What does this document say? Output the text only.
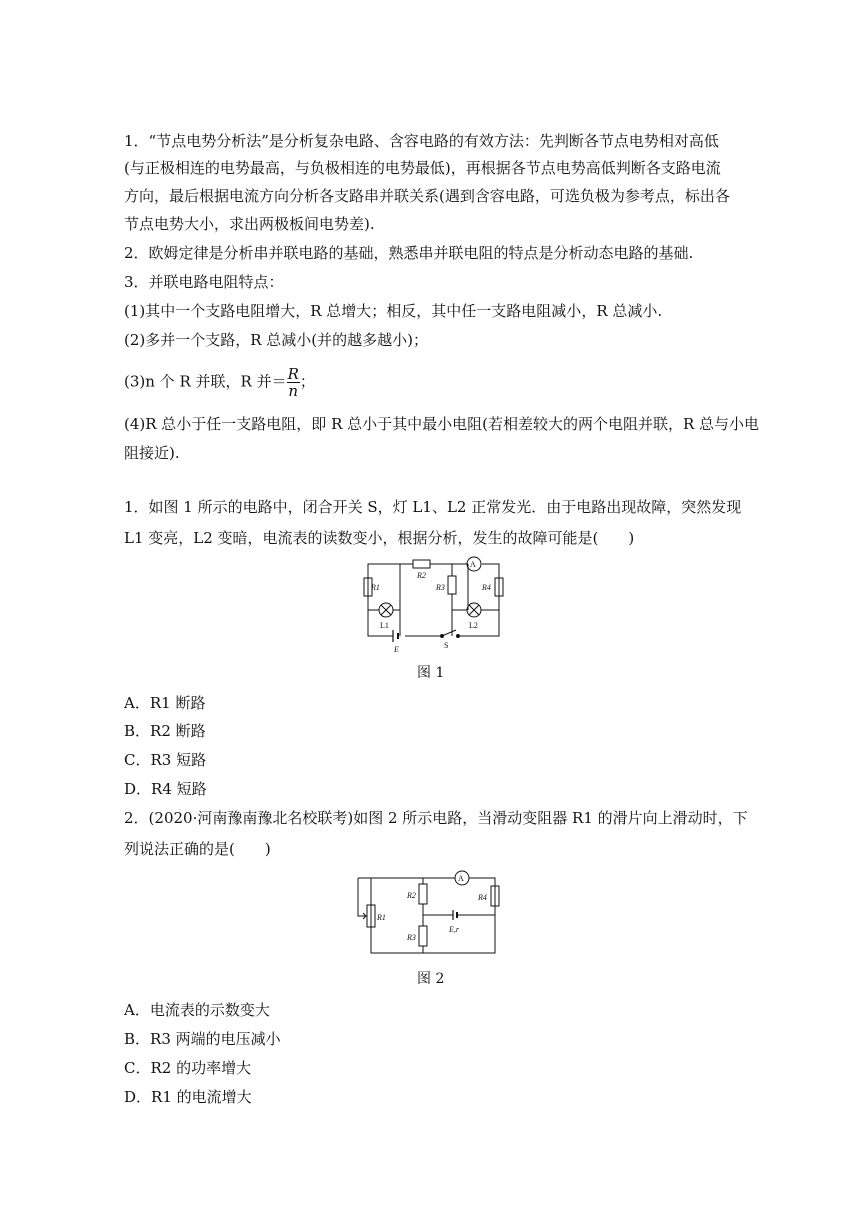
1．“节点电势分析法”是分析复杂电路、含容电路的有效方法：先判断各节点电势相对高低
(与正极相连的电势最高，与负极相连的电势最低)，再根据各节点电势高低判断各支路电流
方向，最后根据电流方向分析各支路串并联关系(遇到含容电路，可选负极为参考点，标出各
节点电势大小，求出两极板间电势差).
2．欧姆定律是分析串并联电路的基础，熟悉串并联电阻的特点是分析动态电路的基础.
3．并联电路电阻特点：
(1)其中一个支路电阻增大，R 总增大；相反，其中任一支路电阻减小，R 总减小.
(2)多并一个支路，R 总减小(并的越多越小)；
(3)n 个 R 并联，R 并＝ $\frac{R}{n}$ ；
(4)R 总小于任一支路电阻，即 R 总小于其中最小电阻(若相差较大的两个电阻并联，R 总与小电
阻接近).
1．如图 1 所示的电路中，闭合开关 S，灯 L1、L2 正常发光．由于电路出现故障，突然发现
L1 变亮，L2 变暗，电流表的读数变小，根据分析，发生的故障可能是(　　)
R1
R2
R3	R4
A
L1	L2
E	S
图 1
A．R1 断路
B．R2 断路
C．R3 短路
D．R4 短路
2．(2020·河南豫南豫北名校联考)如图 2 所示电路，当滑动变阻器 R1 的滑片向上滑动时，下
列说法正确的是(　　)
R1
R2
R3
R4
A
E,r
图 2
A．电流表的示数变大
B．R3 两端的电压减小
C．R2 的功率增大
D．R1 的电流增大
